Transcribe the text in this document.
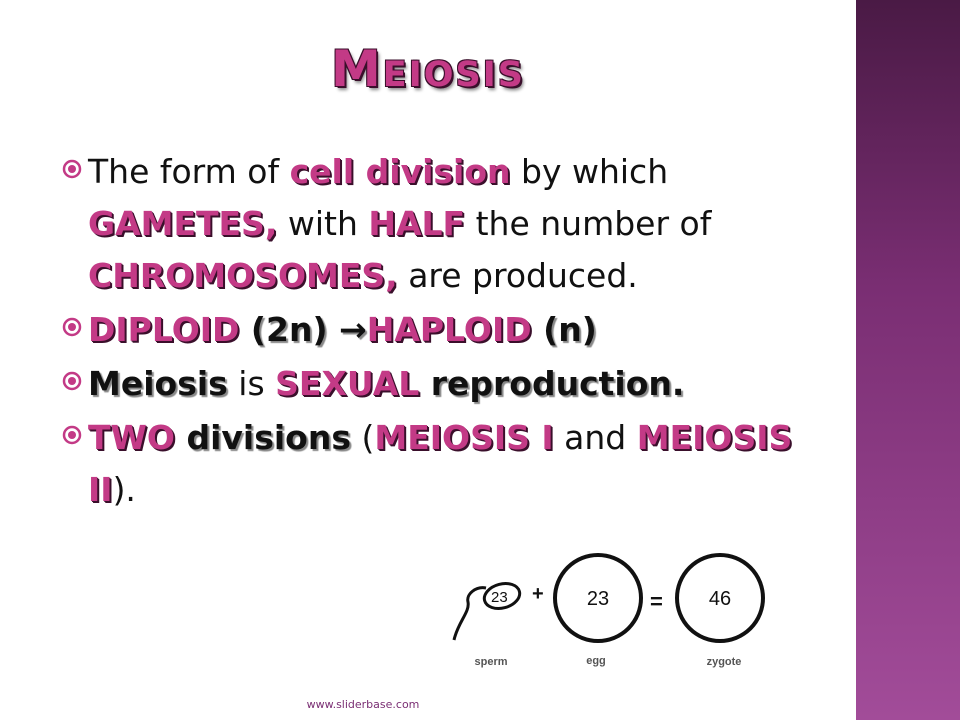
Meiosis
The form of cell division by which GAMETES, with HALF the number of CHROMOSOMES, are produced.
DIPLOID (2n) →HAPLOID (n)
Meiosis is SEXUAL reproduction.
TWO divisions (MEIOSIS I and MEIOSIS II).
23 + 23 = 46
sperm	egg	zygote
www.sliderbase.com
